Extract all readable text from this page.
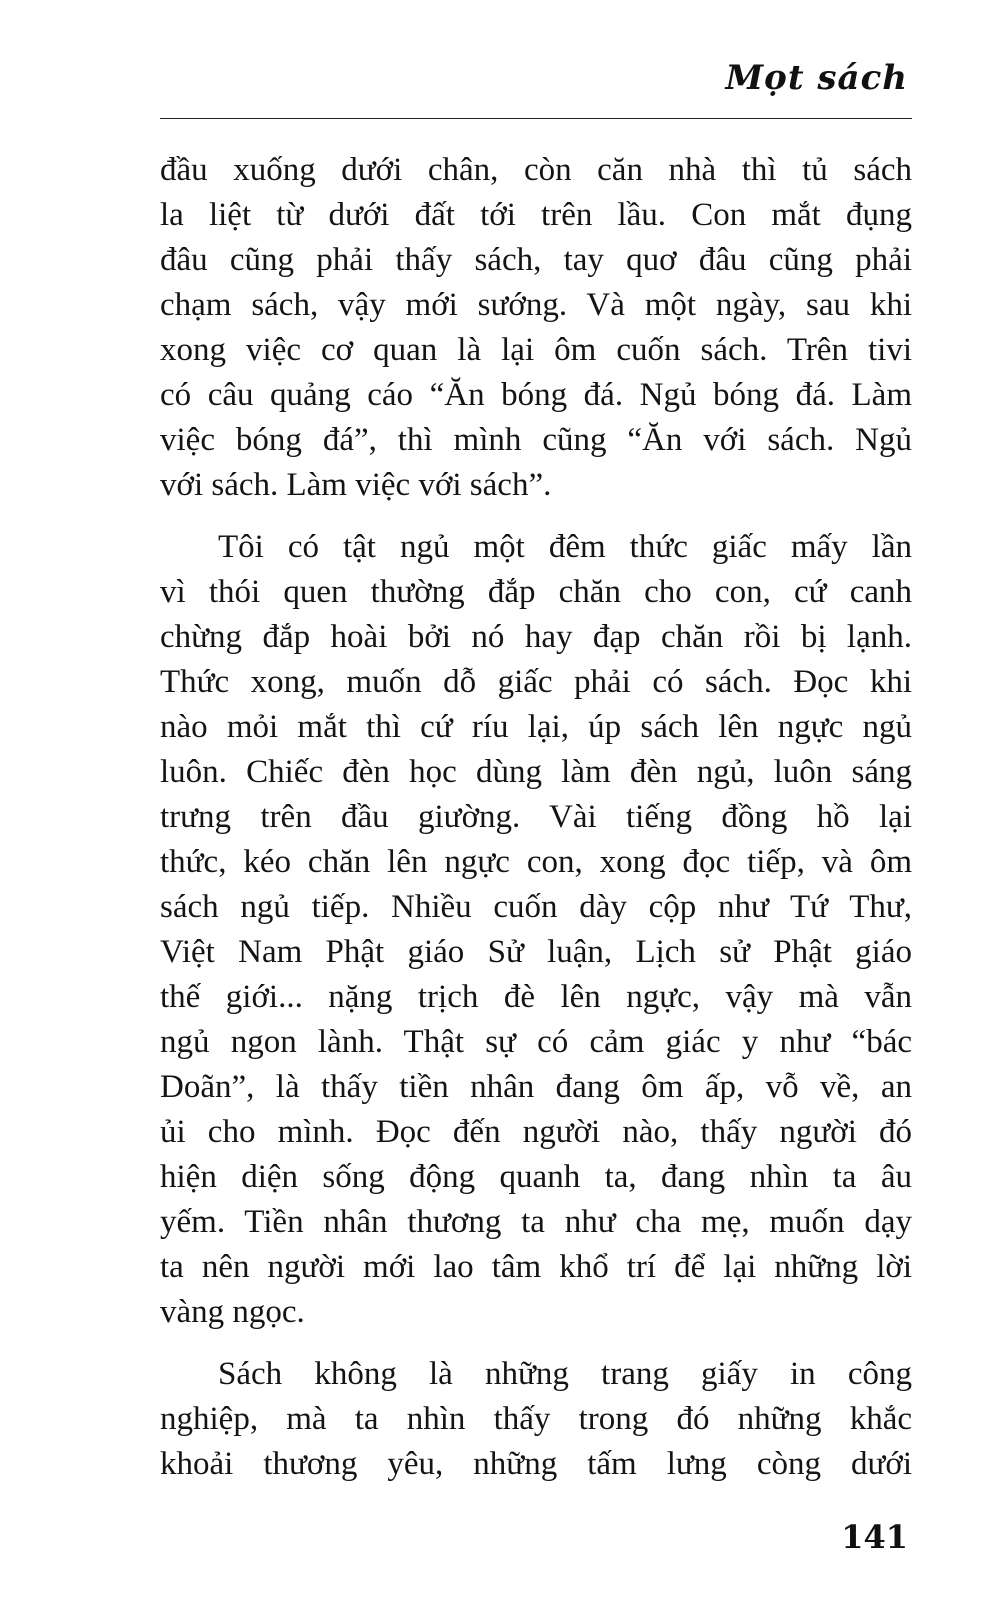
Mọt sách

đầu xuống dưới chân, còn căn nhà thì tủ sách
la liệt từ dưới đất tới trên lầu. Con mắt đụng
đâu cũng phải thấy sách, tay quơ đâu cũng phải
chạm sách, vậy mới sướng. Và một ngày, sau khi
xong việc cơ quan là lại ôm cuốn sách. Trên tivi
có câu quảng cáo “Ăn bóng đá. Ngủ bóng đá. Làm
việc bóng đá”, thì mình cũng “Ăn với sách. Ngủ
với sách. Làm việc với sách”.

Tôi có tật ngủ một đêm thức giấc mấy lần
vì thói quen thường đắp chăn cho con, cứ canh
chừng đắp hoài bởi nó hay đạp chăn rồi bị lạnh.
Thức xong, muốn dỗ giấc phải có sách. Đọc khi
nào mỏi mắt thì cứ ríu lại, úp sách lên ngực ngủ
luôn. Chiếc đèn học dùng làm đèn ngủ, luôn sáng
trưng trên đầu giường. Vài tiếng đồng hồ lại
thức, kéo chăn lên ngực con, xong đọc tiếp, và ôm
sách ngủ tiếp. Nhiều cuốn dày cộp như Tứ Thư,
Việt Nam Phật giáo Sử luận, Lịch sử Phật giáo
thế giới... nặng trịch đè lên ngực, vậy mà vẫn
ngủ ngon lành. Thật sự có cảm giác y như “bác
Doãn”, là thấy tiền nhân đang ôm ấp, vỗ về, an
ủi cho mình. Đọc đến người nào, thấy người đó
hiện diện sống động quanh ta, đang nhìn ta âu
yếm. Tiền nhân thương ta như cha mẹ, muốn dạy
ta nên người mới lao tâm khổ trí để lại những lời
vàng ngọc.

Sách không là những trang giấy in công
nghiệp, mà ta nhìn thấy trong đó những khắc
khoải thương yêu, những tấm lưng còng dưới

141
